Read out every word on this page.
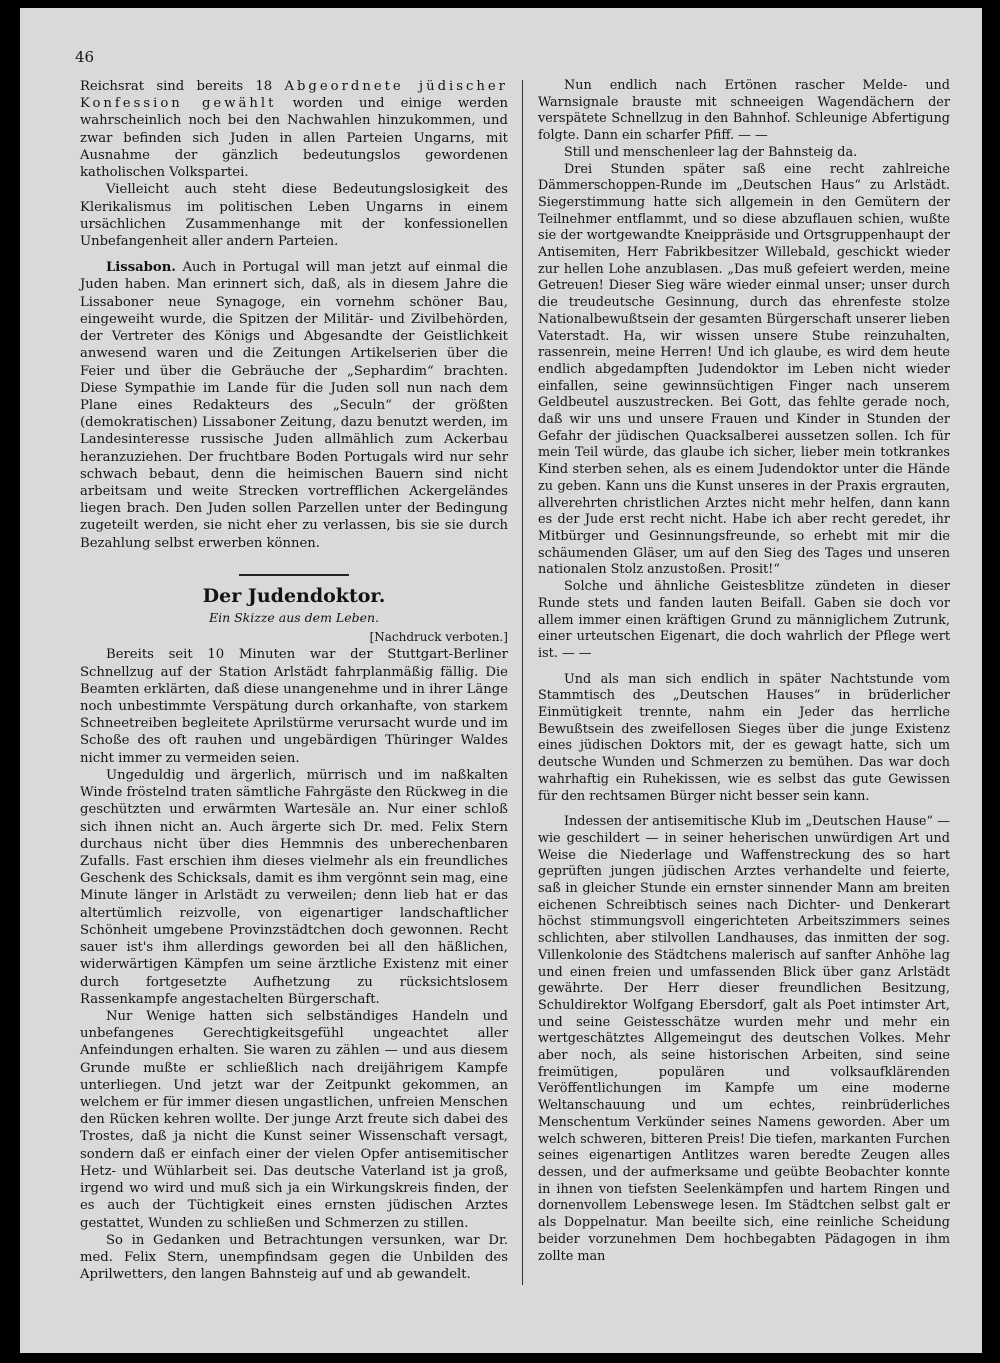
46

Reichsrat sind bereits 18 Abgeordnete jüdischer Konfession gewählt worden und einige werden wahrscheinlich noch bei den Nachwahlen hinzukommen, und zwar befinden sich Juden in allen Parteien Ungarns, mit Ausnahme der gänzlich bedeutungslos gewordenen katholischen Volkspartei.

Vielleicht auch steht diese Bedeutungslosigkeit des Klerikalismus im politischen Leben Ungarns in einem ursächlichen Zusammenhange mit der konfessionellen Unbefangenheit aller andern Parteien.

Lissabon. Auch in Portugal will man jetzt auf einmal die Juden haben. Man erinnert sich, daß, als in diesem Jahre die Lissaboner neue Synagoge, ein vornehm schöner Bau, eingeweiht wurde, die Spitzen der Militär- und Zivilbehörden, der Vertreter des Königs und Abgesandte der Geistlichkeit anwesend waren und die Zeitungen Artikelserien über die Feier und über die Gebräuche der „Sephardim“ brachten. Diese Sympathie im Lande für die Juden soll nun nach dem Plane eines Redakteurs des „Seculn“ der größten (demokratischen) Lissaboner Zeitung, dazu benutzt werden, im Landesinteresse russische Juden allmählich zum Ackerbau heranzuziehen. Der fruchtbare Boden Portugals wird nur sehr schwach bebaut, denn die heimischen Bauern sind nicht arbeitsam und weite Strecken vortrefflichen Ackergeländes liegen brach. Den Juden sollen Parzellen unter der Bedingung zugeteilt werden, sie nicht eher zu verlassen, bis sie sie durch Bezahlung selbst erwerben können.

Der Judendoktor.
Ein Skizze aus dem Leben.
[Nachdruck verboten.]

Bereits seit 10 Minuten war der Stuttgart-Berliner Schnellzug auf der Station Arlstädt fahrplanmäßig fällig. Die Beamten erklärten, daß diese unangenehme und in ihrer Länge noch unbestimmte Verspätung durch orkanhafte, von starkem Schneetreiben begleitete Aprilstürme verursacht wurde und im Schoße des oft rauhen und ungebärdigen Thüringer Waldes nicht immer zu vermeiden seien.

Ungeduldig und ärgerlich, mürrisch und im naßkalten Winde fröstelnd traten sämtliche Fahrgäste den Rückweg in die geschützten und erwärmten Wartesäle an. Nur einer schloß sich ihnen nicht an. Auch ärgerte sich Dr. med. Felix Stern durchaus nicht über dies Hemmnis des unberechenbaren Zufalls. Fast erschien ihm dieses vielmehr als ein freundliches Geschenk des Schicksals, damit es ihm vergönnt sein mag, eine Minute länger in Arlstädt zu verweilen; denn lieb hat er das altertümlich reizvolle, von eigenartiger landschaftlicher Schönheit umgebene Provinzstädtchen doch gewonnen. Recht sauer ist's ihm allerdings geworden bei all den häßlichen, widerwärtigen Kämpfen um seine ärztliche Existenz mit einer durch fortgesetzte Aufhetzung zu rücksichtslosem Rassenkampfe angestachelten Bürgerschaft.

Nur Wenige hatten sich selbständiges Handeln und unbefangenes Gerechtigkeitsgefühl ungeachtet aller Anfeindungen erhalten. Sie waren zu zählen — und aus diesem Grunde mußte er schließlich nach dreijährigem Kampfe unterliegen. Und jetzt war der Zeitpunkt gekommen, an welchem er für immer diesen ungastlichen, unfreien Menschen den Rücken kehren wollte. Der junge Arzt freute sich dabei des Trostes, daß ja nicht die Kunst seiner Wissenschaft versagt, sondern daß er einfach einer der vielen Opfer antisemitischer Hetz- und Wühlarbeit sei. Das deutsche Vaterland ist ja groß, irgend wo wird und muß sich ja ein Wirkungskreis finden, der es auch der Tüchtigkeit eines ernsten jüdischen Arztes gestattet, Wunden zu schließen und Schmerzen zu stillen.

So in Gedanken und Betrachtungen versunken, war Dr. med. Felix Stern, unempfindsam gegen die Unbilden des Aprilwetters, den langen Bahnsteig auf und ab gewandelt.

Nun endlich nach Ertönen rascher Melde- und Warnsignale brauste mit schneeigen Wagendächern der verspätete Schnellzug in den Bahnhof. Schleunige Abfertigung folgte. Dann ein scharfer Pfiff. — —

Still und menschenleer lag der Bahnsteig da.

Drei Stunden später saß eine recht zahlreiche Dämmerschoppen-Runde im „Deutschen Haus“ zu Arlstädt. Siegerstimmung hatte sich allgemein in den Gemütern der Teilnehmer entflammt, und so diese abzuflauen schien, wußte sie der wortgewandte Kneippräside und Ortsgruppenhaupt der Antisemiten, Herr Fabrikbesitzer Willebald, geschickt wieder zur hellen Lohe anzublasen. „Das muß gefeiert werden, meine Getreuen! Dieser Sieg wäre wieder einmal unser; unser durch die treudeutsche Gesinnung, durch das ehrenfeste stolze Nationalbewußtsein der gesamten Bürgerschaft unserer lieben Vaterstadt. Ha, wir wissen unsere Stube reinzuhalten, rassenrein, meine Herren! Und ich glaube, es wird dem heute endlich abgedampften Judendoktor im Leben nicht wieder einfallen, seine gewinnsüchtigen Finger nach unserem Geldbeutel auszustrecken. Bei Gott, das fehlte gerade noch, daß wir uns und unsere Frauen und Kinder in Stunden der Gefahr der jüdischen Quacksalberei aussetzen sollen. Ich für mein Teil würde, das glaube ich sicher, lieber mein totkrankes Kind sterben sehen, als es einem Judendoktor unter die Hände zu geben. Kann uns die Kunst unseres in der Praxis ergrauten, allverehrten christlichen Arztes nicht mehr helfen, dann kann es der Jude erst recht nicht. Habe ich aber recht geredet, ihr Mitbürger und Gesinnungsfreunde, so erhebt mit mir die schäumenden Gläser, um auf den Sieg des Tages und unseren nationalen Stolz anzustoßen. Prosit!“

Solche und ähnliche Geistesblitze zündeten in dieser Runde stets und fanden lauten Beifall. Gaben sie doch vor allem immer einen kräftigen Grund zu männiglichem Zutrunk, einer urteutschen Eigenart, die doch wahrlich der Pflege wert ist. — —

Und als man sich endlich in später Nachtstunde vom Stammtisch des „Deutschen Hauses“ in brüderlicher Einmütigkeit trennte, nahm ein Jeder das herrliche Bewußtsein des zweifellosen Sieges über die junge Existenz eines jüdischen Doktors mit, der es gewagt hatte, sich um deutsche Wunden und Schmerzen zu bemühen. Das war doch wahrhaftig ein Ruhekissen, wie es selbst das gute Gewissen für den rechtsamen Bürger nicht besser sein kann.

Indessen der antisemitische Klub im „Deutschen Hause“ — wie geschildert — in seiner heherischen unwürdigen Art und Weise die Niederlage und Waffenstreckung des so hart geprüften jungen jüdischen Arztes verhandelte und feierte, saß in gleicher Stunde ein ernster sinnender Mann am breiten eichenen Schreibtisch seines nach Dichter- und Denkerart höchst stimmungsvoll eingerichteten Arbeitszimmers seines schlichten, aber stilvollen Landhauses, das inmitten der sog. Villenkolonie des Städtchens malerisch auf sanfter Anhöhe lag und einen freien und umfassenden Blick über ganz Arlstädt gewährte. Der Herr dieser freundlichen Besitzung, Schuldirektor Wolfgang Ebersdorf, galt als Poet intimster Art, und seine Geistesschätze wurden mehr und mehr ein wertgeschätztes Allgemeingut des deutschen Volkes. Mehr aber noch, als seine historischen Arbeiten, sind seine freimütigen, populären und volksaufklärenden Veröffentlichungen im Kampfe um eine moderne Weltanschauung und um echtes, reinbrüderliches Menschentum Verkünder seines Namens geworden. Aber um welch schweren, bitteren Preis! Die tiefen, markanten Furchen seines eigenartigen Antlitzes waren beredte Zeugen alles dessen, und der aufmerksame und geübte Beobachter konnte in ihnen von tiefsten Seelenkämpfen und hartem Ringen und dornenvollem Lebenswege lesen. Im Städtchen selbst galt er als Doppelnatur. Man beeilte sich, eine reinliche Scheidung beider vorzunehmen Dem hochbegabten Pädagogen in ihm zollte man
